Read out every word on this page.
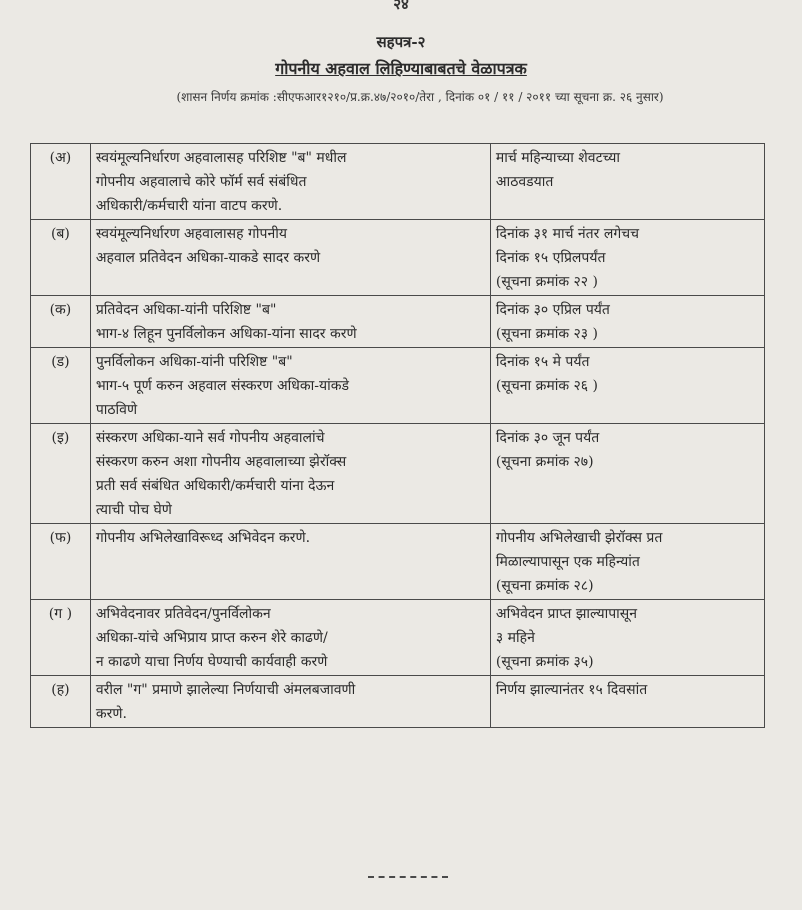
२४
सहपत्र-२
गोपनीय अहवाल लिहिण्याबाबतचे वेळापत्रक
(शासन निर्णय क्रमांक :सीएफआर१२१०/प्र.क्र.४७/२०१०/तेरा , दिनांक ०१ / ११ / २०११ च्या सूचना क्र. २६ नुसार)
(अ)	स्वयंमूल्यनिर्धारण अहवालासह परिशिष्ट "ब" मधील
गोपनीय अहवालाचे कोरे फॉर्म सर्व संबंधित
अधिकारी/कर्मचारी यांना वाटप करणे.	मार्च महिन्याच्या शेवटच्या
आठवडयात

(ब)	स्वयंमूल्यनिर्धारण अहवालासह गोपनीय
अहवाल प्रतिवेदन अधिका-याकडे सादर करणे	दिनांक ३१ मार्च नंतर लगेचच
दिनांक १५ एप्रिलपर्यंत
(सूचना क्रमांक २२ )

(क)	प्रतिवेदन अधिका-यांनी परिशिष्ट "ब"
भाग-४ लिहून पुनर्विलोकन अधिका-यांना सादर करणे	दिनांक ३० एप्रिल पर्यंत
(सूचना क्रमांक २३ )

(ड)	पुनर्विलोकन अधिका-यांनी परिशिष्ट "ब"
भाग-५ पूर्ण करुन अहवाल संस्करण अधिका-यांकडे
पाठविणे	दिनांक १५ मे पर्यंत
(सूचना क्रमांक २६ )

(इ)	संस्करण अधिका-याने सर्व गोपनीय अहवालांचे
संस्करण करुन अशा गोपनीय अहवालाच्या झेरॉक्स
प्रती सर्व संबंधित अधिकारी/कर्मचारी यांना देऊन
त्याची पोच घेणे	दिनांक ३० जून पर्यंत
(सूचना क्रमांक २७)

(फ)	गोपनीय अभिलेखाविरूध्द अभिवेदन करणे.	गोपनीय अभिलेखाची झेरॉक्स प्रत
मिळाल्यापासून एक महिन्यांत
(सूचना क्रमांक २८)

(ग )	अभिवेदनावर प्रतिवेदन/पुनर्विलोकन
अधिका-यांचे अभिप्राय प्राप्त करुन शेरे काढणे/
न काढणे याचा निर्णय घेण्याची कार्यवाही करणे	अभिवेदन प्राप्त झाल्यापासून
३ महिने
(सूचना क्रमांक ३५)

(ह)	वरील "ग" प्रमाणे झालेल्या निर्णयाची अंमलबजावणी
करणे.	निर्णय झाल्यानंतर १५ दिवसांत
